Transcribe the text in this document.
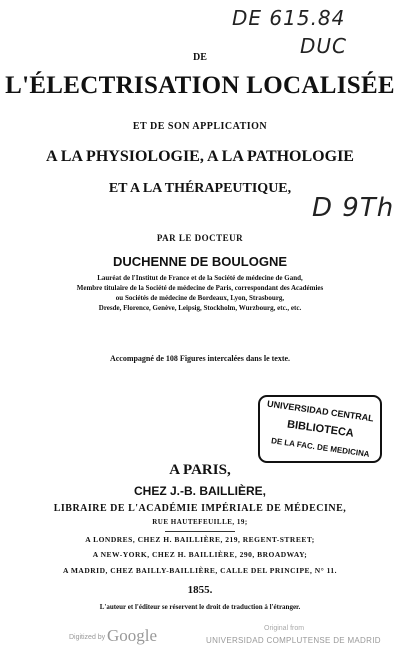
DE 615.84
DUC
D 9Th
DE
L'ÉLECTRISATION LOCALISÉE
ET DE SON APPLICATION
A LA PHYSIOLOGIE, A LA PATHOLOGIE
ET A LA THÉRAPEUTIQUE,
PAR LE DOCTEUR
DUCHENNE DE BOULOGNE
Lauréat de l'Institut de France et de la Société de médecine de Gand,
Membre titulaire de la Société de médecine de Paris, correspondant des Académies
ou Sociétés de médecine de Bordeaux, Lyon, Strasbourg,
Dresde, Florence, Genève, Leipsig, Stockholm, Wurzbourg, etc., etc.
Accompagné de 108 Figures intercalées dans le texte.
UNIVERSIDAD CENTRAL
BIBLIOTECA
DE LA FAC. DE MEDICINA
A PARIS,
CHEZ J.-B. BAILLIÈRE,
LIBRAIRE DE L'ACADÉMIE IMPÉRIALE DE MÉDECINE,
RUE HAUTEFEUILLE, 19;
A LONDRES, CHEZ H. BAILLIÈRE, 219, REGENT-STREET;
A NEW-YORK, CHEZ H. BAILLIÈRE, 290, BROADWAY;
A MADRID, CHEZ BAILLY-BAILLIÈRE, CALLE DEL PRINCIPE, N° 11.
1855.
L'auteur et l'éditeur se réservent le droit de traduction à l'étranger.
Digitized by Google	Original from
UNIVERSIDAD COMPLUTENSE DE MADRID
